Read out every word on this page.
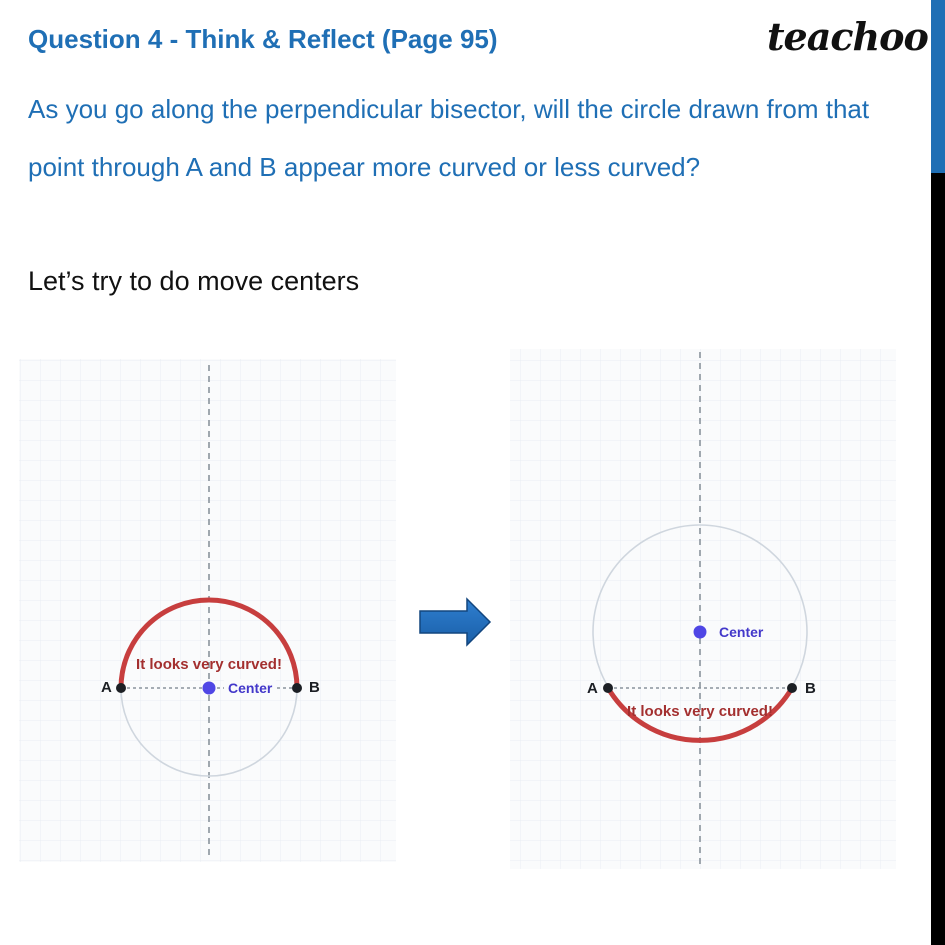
Question 4 - Think & Reflect (Page 95)	teachoo

As you go along the perpendicular bisector, will the circle drawn from that point through A and B appear more curved or less curved?

Let’s try to do move centers

Center
A	B
It looks very curved!
Center
A	B
It looks very curved!
